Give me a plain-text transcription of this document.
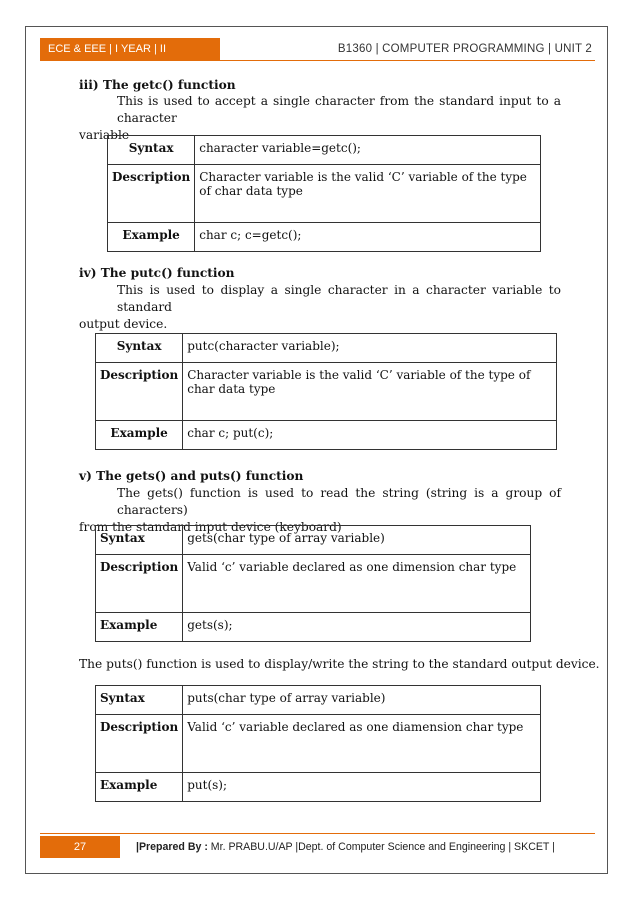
ECE & EEE | I YEAR | II SEMESTER
B1360 | COMPUTER PROGRAMMING | UNIT 2
iii) The getc() function
This is used to accept a single character from the standard input to a character
variable
Syntax	character variable=getc();
Description	Character variable is the valid ‘C’ variable of the type of char data type
Example	char c; c=getc();
iv) The putc() function
This is used to display a single character in a character variable to standard
output device.
Syntax	putc(character variable);
Description	Character variable is the valid ‘C’ variable of the type of char data type
Example	char c; put(c);
v) The gets() and puts() function
The gets() function is used to read the string (string is a group of characters)
from the standard input device (keyboard)
Syntax	gets(char type of array variable)
Description	Valid ‘c’ variable declared as one dimension char type
Example	gets(s);
The puts() function is used to display/write the string to the standard output device.
Syntax	puts(char type of array variable)
Description	Valid ‘c’ variable declared as one diamension char type
Example	put(s);
27	|Prepared By : Mr. PRABU.U/AP |Dept. of Computer Science and Engineering | SKCET |
